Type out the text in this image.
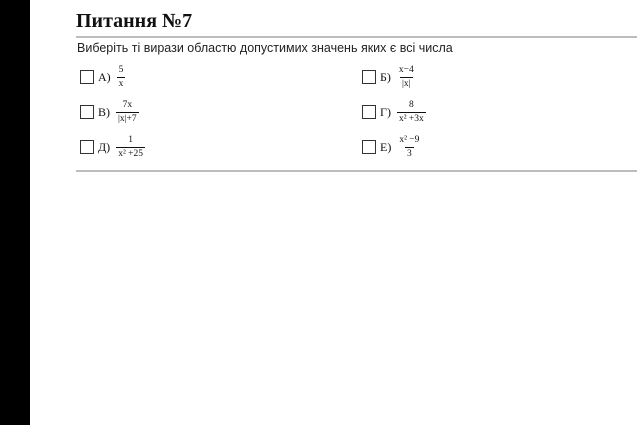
Питання №7
Виберіть ті вирази областю допустимих значень яких є всі числа
$А) \frac{5}{x}$	$Б) \frac{x-4}{|x|}$
$В) \frac{7x}{|x|+7}$	$Г) \frac{8}{\text{x² +3x}}$
$Д) \frac{1}{\text{x² +25}}$	$Е) \frac{\text{x² −9}}{3}$
